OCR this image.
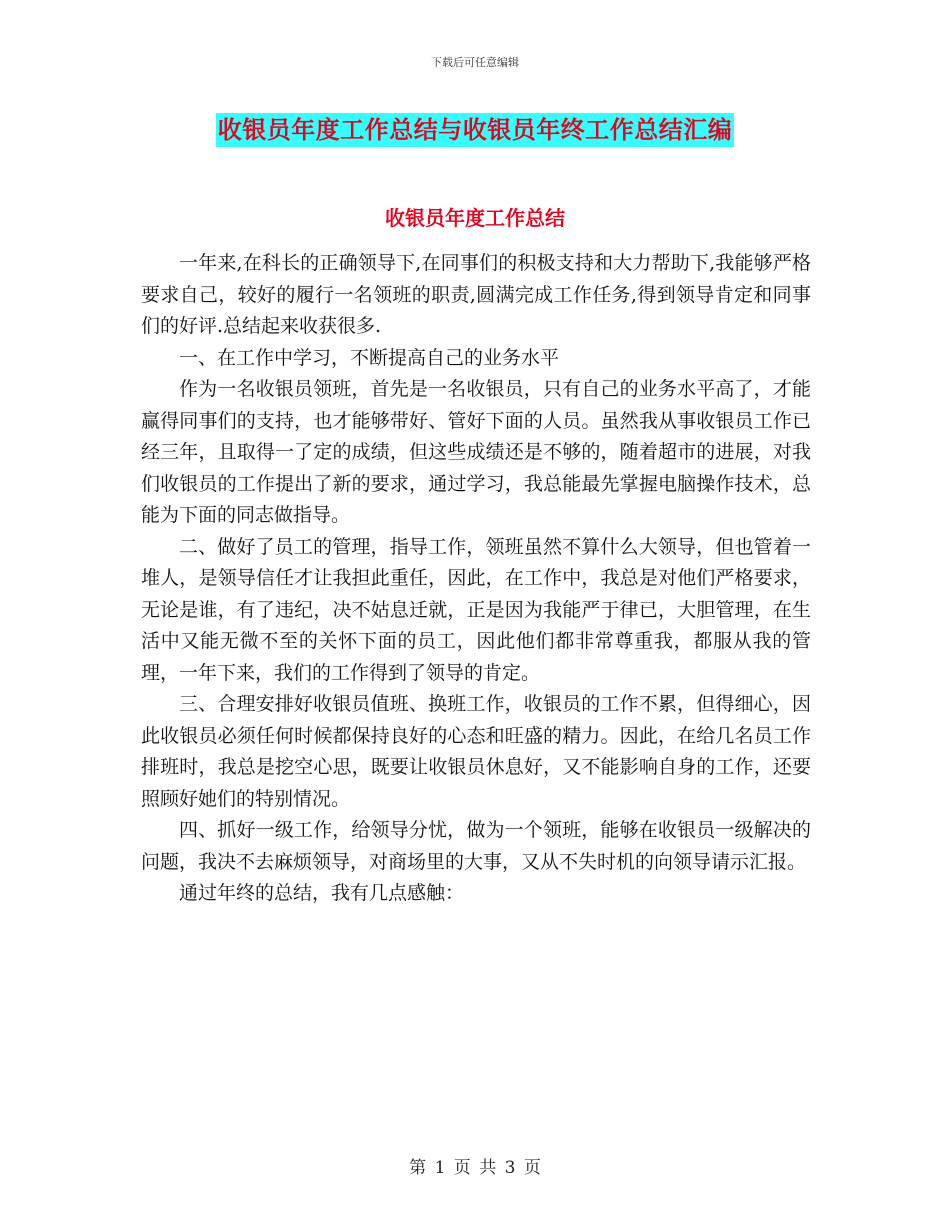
下载后可任意编辑
收银员年度工作总结与收银员年终工作总结汇编
收银员年度工作总结

一年来,在科长的正确领导下,在同事们的积极支持和大力帮助下,我能够严格要求自己，较好的履行一名领班的职责,圆满完成工作任务,得到领导肯定和同事们的好评.总结起来收获很多.

一、在工作中学习，不断提高自己的业务水平

作为一名收银员领班，首先是一名收银员，只有自己的业务水平高了，才能赢得同事们的支持，也才能够带好、管好下面的人员。虽然我从事收银员工作已经三年，且取得一了定的成绩，但这些成绩还是不够的，随着超市的进展，对我们收银员的工作提出了新的要求，通过学习，我总能最先掌握电脑操作技术，总能为下面的同志做指导。

二、做好了员工的管理，指导工作，领班虽然不算什么大领导，但也管着一堆人，是领导信任才让我担此重任，因此，在工作中，我总是对他们严格要求，无论是谁，有了违纪，决不姑息迁就，正是因为我能严于律已，大胆管理，在生活中又能无微不至的关怀下面的员工，因此他们都非常尊重我，都服从我的管理，一年下来，我们的工作得到了领导的肯定。

三、合理安排好收银员值班、换班工作，收银员的工作不累，但得细心，因此收银员必须任何时候都保持良好的心态和旺盛的精力。因此，在给几名员工作排班时，我总是挖空心思，既要让收银员休息好，又不能影响自身的工作，还要照顾好她们的特别情况。

四、抓好一级工作，给领导分忧，做为一个领班，能够在收银员一级解决的问题，我决不去麻烦领导，对商场里的大事，又从不失时机的向领导请示汇报。

通过年终的总结，我有几点感触：

第 1 页 共 3 页
